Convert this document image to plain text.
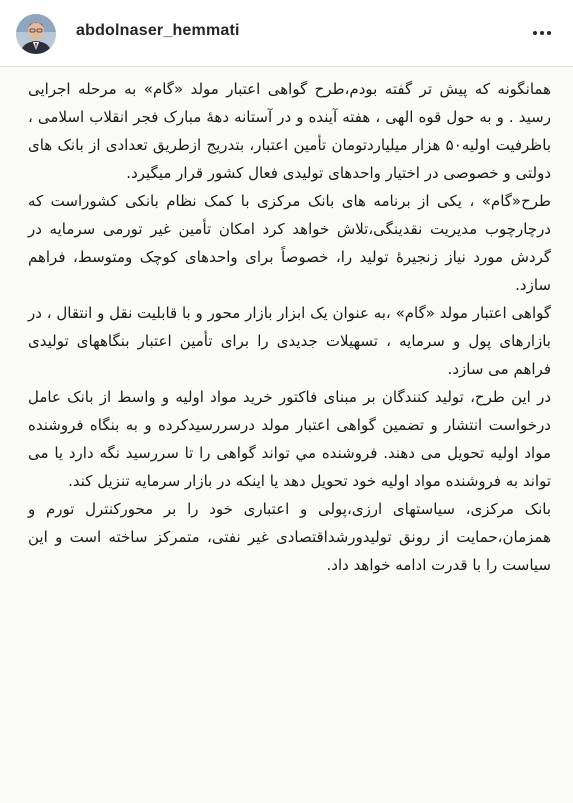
abdolnaser_hemmati

همانگونه که پیش تر گفته بودم،طرح گواهی اعتبار مولد «گام» به مرحله اجرایی رسید . و به حول قوه الهی ، هفته آینده و در آستانه دههٔ مبارک فجر انقلاب اسلامی ، باظرفیت اولیه۵۰ هزار میلیاردتومان تأمین اعتبار، بتدریج ازطریق تعدادی از بانک های دولتی و خصوصی در اختیار واحدهای تولیدی فعال کشور قرار میگیرد.

طرح«گام» ، یکی از برنامه های بانک مرکزی با کمک نظام بانکی کشوراست که درچارچوب مدیریت نقدینگی،تلاش خواهد کرد امکان تأمین غیر تورمی سرمایه در گردش مورد نیاز زنجیرهٔ تولید را، خصوصاً برای واحدهای کوچک ومتوسط، فراهم سازد.

گواهی اعتبار مولد «گام» ،به عنوان یک ابزار بازار محور و با قابلیت نقل و انتقال ، در بازارهای پول و سرمایه ، تسهیلات جدیدی را برای تأمین اعتبار بنگاههای تولیدی فراهم می سازد.

در این طرح، تولید کنندگان بر مبنای فاکتور خرید مواد اولیه و واسط از بانک عامل درخواست انتشار و تضمین گواهی اعتبار مولد درسررسیدکرده و به بنگاه فروشنده مواد اولیه تحویل می دهند. فروشنده مي تواند گواهی را تا سررسید نگه دارد یا می تواند به فروشنده مواد اولیه خود تحویل دهد یا اینکه در بازار سرمایه تنزیل کند.

بانک مرکزی، سیاستهای ارزی،پولی و اعتباری خود را بر محورکنترل تورم و همزمان،حمایت از رونق تولیدورشداقتصادی غیر نفتی، متمرکز ساخته است و این سیاست را با قدرت ادامه خواهد داد.
